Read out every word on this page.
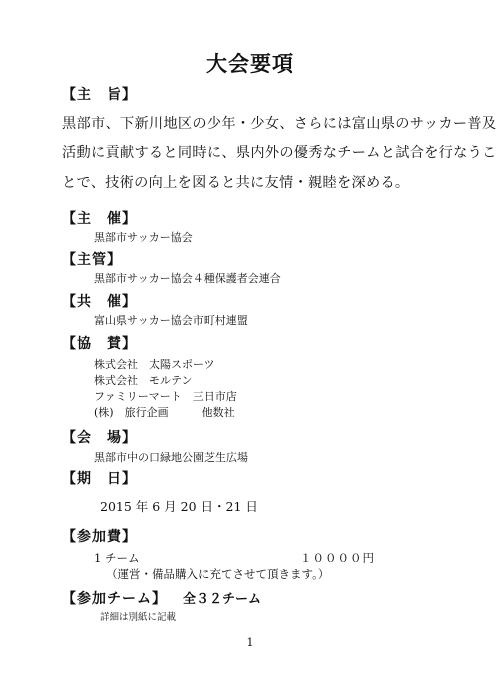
大会要項
【主　旨】
黒部市、下新川地区の少年・少女、さらには富山県のサッカー普及
活動に貢献すると同時に、県内外の優秀なチームと試合を行なうこ
とで、技術の向上を図ると共に友情・親睦を深める。
【主　催】
黒部市サッカー協会
【主管】
黒部市サッカー協会４種保護者会連合
【共　催】
富山県サッカー協会市町村連盟
【協　賛】
株式会社　太陽スポーツ
株式会社　モルテン
ファミリーマート　三日市店
(株)　旅行企画　　　他数社
【会　場】
黒部市中の口緑地公園芝生広場
【期　日】
2015 年 6 月 20 日・21 日
【参加費】
1 チーム	１００００円
（運営・備品購入に充てさせて頂きます。）
【参加チーム】 全３２チーム
詳細は別紙に記載
1
